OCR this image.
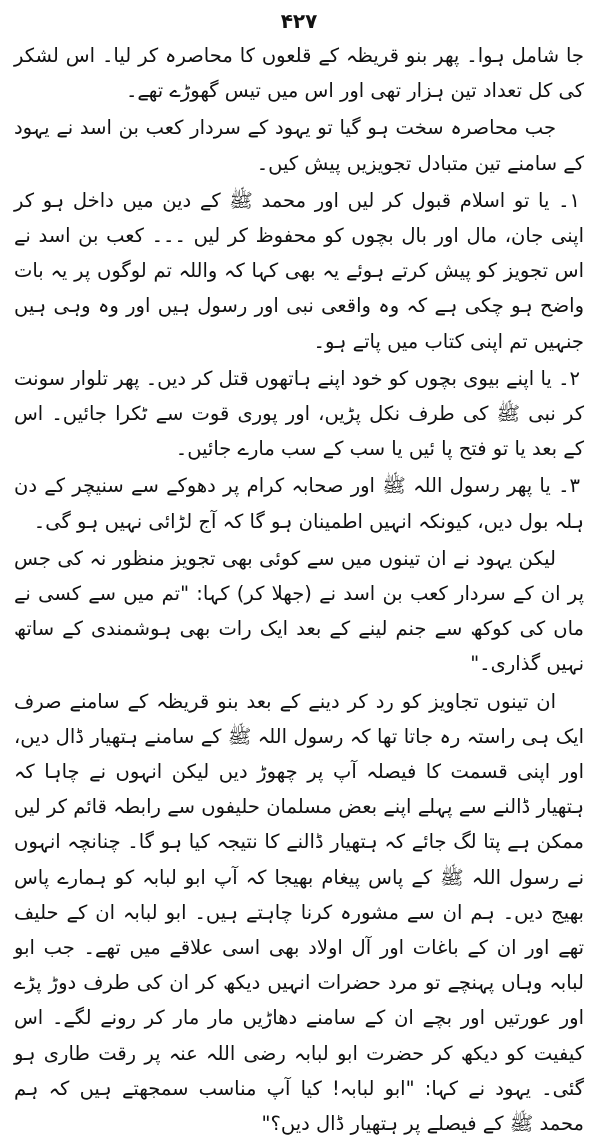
۴۲۷

جا شامل ہوا۔ پھر بنو قریظہ کے قلعوں کا محاصرہ کر لیا۔ اس لشکر کی کل تعداد تین ہزار تھی اور اس میں تیس گھوڑے تھے۔

جب محاصرہ سخت ہو گیا تو یہود کے سردار کعب بن اسد نے یہود کے سامنے تین متبادل تجویزیں پیش کیں۔

۱۔ یا تو اسلام قبول کر لیں اور محمد ﷺ کے دین میں داخل ہو کر اپنی جان، مال اور بال بچوں کو محفوظ کر لیں ۔۔۔ کعب بن اسد نے اس تجویز کو پیش کرتے ہوئے یہ بھی کہا کہ واللہ تم لوگوں پر یہ بات واضح ہو چکی ہے کہ وہ واقعی نبی اور رسول ہیں اور وہ وہی ہیں جنہیں تم اپنی کتاب میں پاتے ہو۔

۲۔ یا اپنے بیوی بچوں کو خود اپنے ہاتھوں قتل کر دیں۔ پھر تلوار سونت کر نبی ﷺ کی طرف نکل پڑیں، اور پوری قوت سے ٹکرا جائیں۔ اس کے بعد یا تو فتح پا ئیں یا سب کے سب مارے جائیں۔

۳۔ یا پھر رسول اللہ ﷺ اور صحابہ کرام پر دھوکے سے سنیچر کے دن ہلہ بول دیں، کیونکہ انہیں اطمینان ہو گا کہ آج لڑائی نہیں ہو گی۔

لیکن یہود نے ان تینوں میں سے کوئی بھی تجویز منظور نہ کی جس پر ان کے سردار کعب بن اسد نے (جھلا کر) کہا: "تم میں سے کسی نے ماں کی کوکھ سے جنم لینے کے بعد ایک رات بھی ہوشمندی کے ساتھ نہیں گذاری۔"

ان تینوں تجاویز کو رد کر دینے کے بعد بنو قریظہ کے سامنے صرف ایک ہی راستہ رہ جاتا تھا کہ رسول اللہ ﷺ کے سامنے ہتھیار ڈال دیں، اور اپنی قسمت کا فیصلہ آپ پر چھوڑ دیں لیکن انہوں نے چاہا کہ ہتھیار ڈالنے سے پہلے اپنے بعض مسلمان حلیفوں سے رابطہ قائم کر لیں ممکن ہے پتا لگ جائے کہ ہتھیار ڈالنے کا نتیجہ کیا ہو گا۔ چنانچہ انہوں نے رسول اللہ ﷺ کے پاس پیغام بھیجا کہ آپ ابو لبابہ کو ہمارے پاس بھیج دیں۔ ہم ان سے مشورہ کرنا چاہتے ہیں۔ ابو لبابہ ان کے حلیف تھے اور ان کے باغات اور آل اولاد بھی اسی علاقے میں تھے۔ جب ابو لبابہ وہاں پہنچے تو مرد حضرات انہیں دیکھ کر ان کی طرف دوڑ پڑے اور عورتیں اور بچے ان کے سامنے دھاڑیں مار مار کر رونے لگے۔ اس کیفیت کو دیکھ کر حضرت ابو لبابہ رضی اللہ عنہ پر رقت طاری ہو گئی۔ یہود نے کہا: "ابو لبابہ! کیا آپ مناسب سمجھتے ہیں کہ ہم محمد ﷺ کے فیصلے پر ہتھیار ڈال دیں؟"
